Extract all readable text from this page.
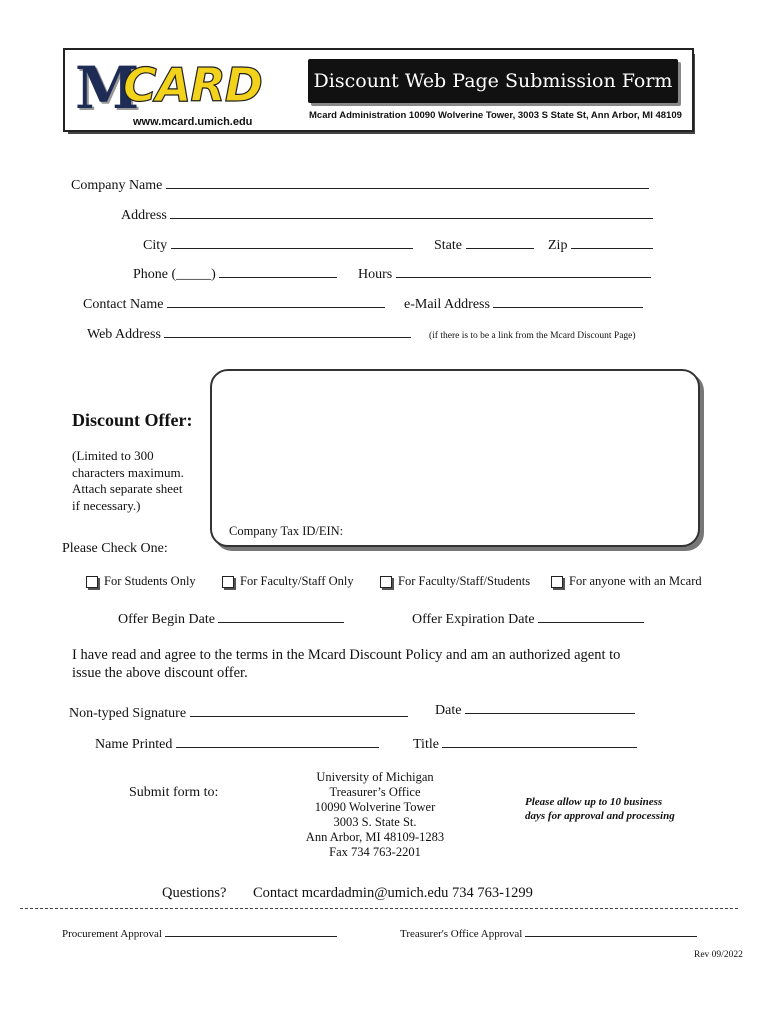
M
CARD
www.mcard.umich.edu
Discount Web Page Submission Form
Mcard Administration 10090 Wolverine Tower, 3003 S State St, Ann Arbor, MI 48109
Company Name
Address
City	State	Zip
Phone (_____)	Hours
Contact Name	e-Mail Address
Web Address	(if there is to be a link from the Mcard Discount Page)
Discount Offer:
(Limited to 300
characters maximum.
Attach separate sheet
if necessary.)
Company Tax ID/EIN:
Please Check One:
For Students Only	For Faculty/Staff Only	For Faculty/Staff/Students	For anyone with an Mcard
Offer Begin Date	Offer Expiration Date
I have read and agree to the terms in the Mcard Discount Policy and am an authorized agent to
issue the above discount offer.
Non-typed Signature	Date
Name Printed	Title
Submit form to:
University of Michigan
Treasurer’s Office
10090 Wolverine Tower
3003 S. State St.
Ann Arbor, MI 48109-1283
Fax 734 763-2201
Please allow up to 10 business
days for approval and processing
Questions? Contact mcardadmin@umich.edu 734 763-1299
Procurement Approval	Treasurer's Office Approval
Rev 09/2022
